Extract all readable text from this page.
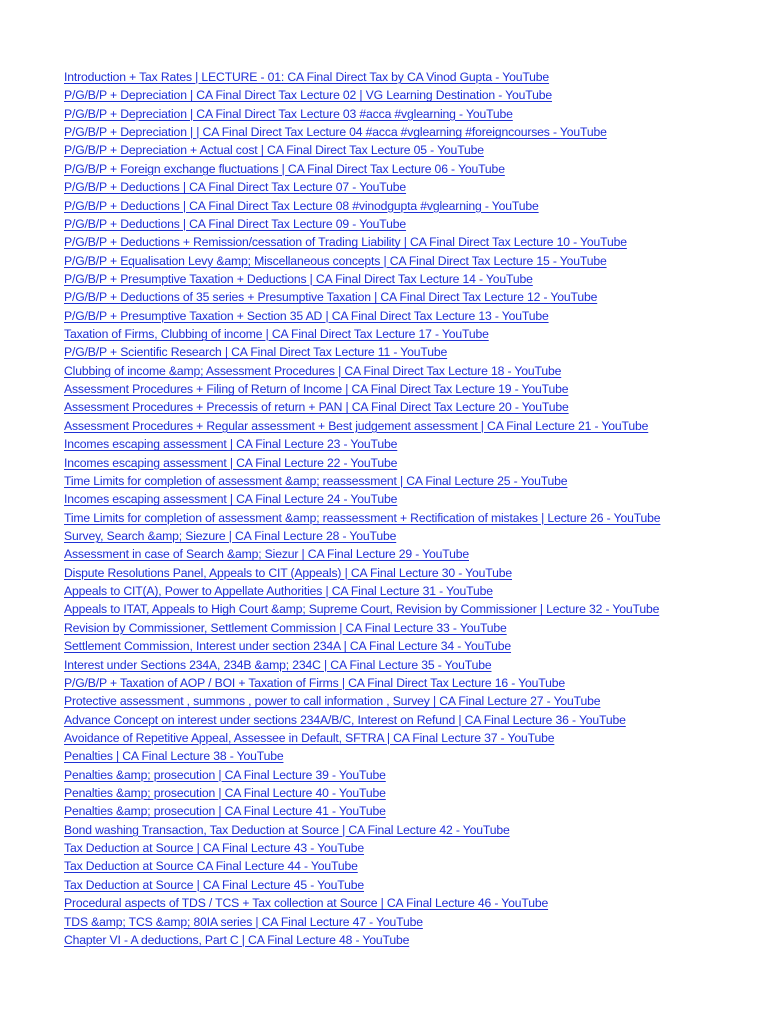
Introduction + Tax Rates | LECTURE - 01: CA Final Direct Tax by CA Vinod Gupta - YouTube
P/G/B/P + Depreciation | CA Final Direct Tax Lecture 02 | VG Learning Destination - YouTube
P/G/B/P + Depreciation | CA Final Direct Tax Lecture 03 #acca #vglearning - YouTube
P/G/B/P + Depreciation | | CA Final Direct Tax Lecture 04 #acca #vglearning #foreigncourses - YouTube
P/G/B/P + Depreciation + Actual cost | CA Final Direct Tax Lecture 05 - YouTube
P/G/B/P + Foreign exchange fluctuations | CA Final Direct Tax Lecture 06 - YouTube
P/G/B/P + Deductions | CA Final Direct Tax Lecture 07 - YouTube
P/G/B/P + Deductions | CA Final Direct Tax Lecture 08 #vinodgupta #vglearning - YouTube
P/G/B/P + Deductions | CA Final Direct Tax Lecture 09 - YouTube
P/G/B/P + Deductions + Remission/cessation of Trading Liability | CA Final Direct Tax Lecture 10 - YouTube
P/G/B/P + Equalisation Levy &amp; Miscellaneous concepts | CA Final Direct Tax Lecture 15 - YouTube
P/G/B/P + Presumptive Taxation + Deductions | CA Final Direct Tax Lecture 14 - YouTube
P/G/B/P + Deductions of 35 series + Presumptive Taxation | CA Final Direct Tax Lecture 12 - YouTube
P/G/B/P + Presumptive Taxation + Section 35 AD | CA Final Direct Tax Lecture 13 - YouTube
Taxation of Firms, Clubbing of income | CA Final Direct Tax Lecture 17 - YouTube
P/G/B/P + Scientific Research | CA Final Direct Tax Lecture 11 - YouTube
Clubbing of income &amp; Assessment Procedures | CA Final Direct Tax Lecture 18 - YouTube
Assessment Procedures + Filing of Return of Income | CA Final Direct Tax Lecture 19 - YouTube
Assessment Procedures + Precessis of return + PAN | CA Final Direct Tax Lecture 20 - YouTube
Assessment Procedures + Regular assessment + Best judgement assessment | CA Final Lecture 21 - YouTube
Incomes escaping assessment | CA Final Lecture 23 - YouTube
Incomes escaping assessment | CA Final Lecture 22 - YouTube
Time Limits for completion of assessment &amp; reassessment | CA Final Lecture 25 - YouTube
Incomes escaping assessment | CA Final Lecture 24 - YouTube
Time Limits for completion of assessment &amp; reassessment + Rectification of mistakes | Lecture 26 - YouTube
Survey, Search &amp; Siezure | CA Final Lecture 28 - YouTube
Assessment in case of Search &amp; Siezur | CA Final Lecture 29 - YouTube
Dispute Resolutions Panel, Appeals to CIT (Appeals) | CA Final Lecture 30 - YouTube
Appeals to CIT(A), Power to Appellate Authorities | CA Final Lecture 31 - YouTube
Appeals to ITAT, Appeals to High Court &amp; Supreme Court, Revision by Commissioner | Lecture 32 - YouTube
Revision by Commissioner, Settlement Commission | CA Final Lecture 33 - YouTube
Settlement Commission, Interest under section 234A | CA Final Lecture 34 - YouTube
Interest under Sections 234A, 234B &amp; 234C | CA Final Lecture 35 - YouTube
P/G/B/P + Taxation of AOP / BOI + Taxation of Firms | CA Final Direct Tax Lecture 16 - YouTube
Protective assessment , summons , power to call information , Survey | CA Final Lecture 27 - YouTube
Advance Concept on interest under sections 234A/B/C, Interest on Refund | CA Final Lecture 36 - YouTube
Avoidance of Repetitive Appeal, Assessee in Default, SFTRA | CA Final Lecture 37 - YouTube
Penalties | CA Final Lecture 38 - YouTube
Penalties &amp; prosecution | CA Final Lecture 39 - YouTube
Penalties &amp; prosecution | CA Final Lecture 40 - YouTube
Penalties &amp; prosecution | CA Final Lecture 41 - YouTube
Bond washing Transaction, Tax Deduction at Source | CA Final Lecture 42 - YouTube
Tax Deduction at Source | CA Final Lecture 43 - YouTube
Tax Deduction at Source CA Final Lecture 44 - YouTube
Tax Deduction at Source | CA Final Lecture 45 - YouTube
Procedural aspects of TDS / TCS + Tax collection at Source | CA Final Lecture 46 - YouTube
TDS &amp; TCS &amp; 80IA series | CA Final Lecture 47 - YouTube
Chapter VI - A deductions, Part C | CA Final Lecture 48 - YouTube
